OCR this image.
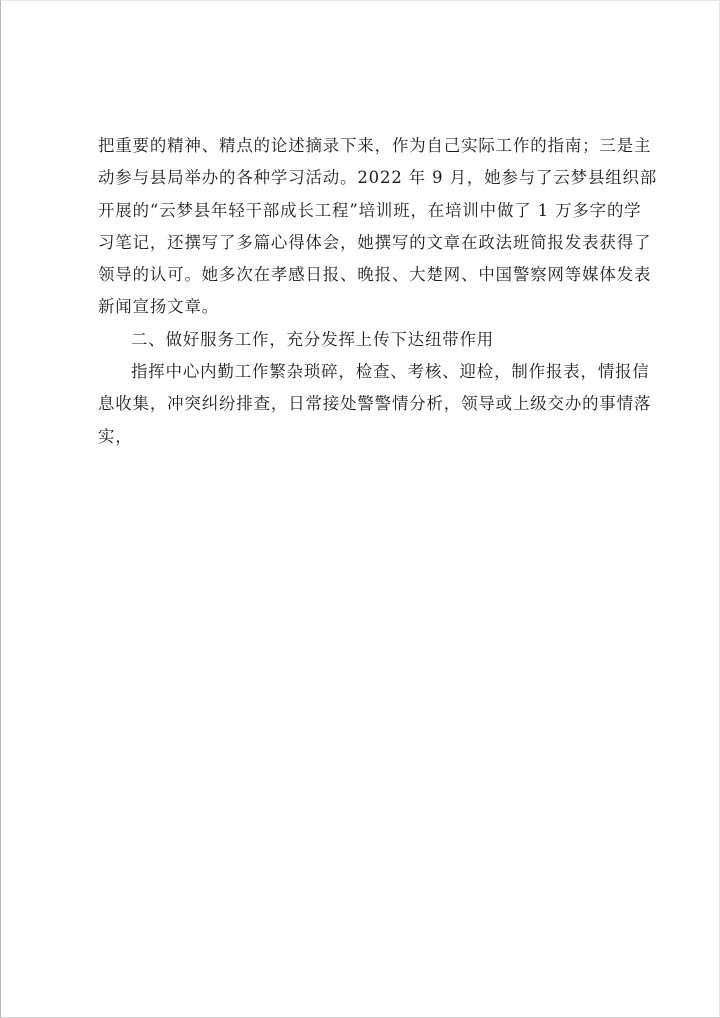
把重要的精神、精点的论述摘录下来，作为自己实际工作的指南；三是主
动参与县局举办的各种学习活动。2022 年 9 月，她参与了云梦县组织部
开展的“云梦县年轻干部成长工程”培训班，在培训中做了 1 万多字的学
习笔记，还撰写了多篇心得体会，她撰写的文章在政法班简报发表获得了
领导的认可。她多次在孝感日报、晚报、大楚网、中国警察网等媒体发表
新闻宣扬文章。
二、做好服务工作，充分发挥上传下达纽带作用
指挥中心内勤工作繁杂琐碎，检查、考核、迎检，制作报表，情报信
息收集，冲突纠纷排查，日常接处警警情分析，领导或上级交办的事情落
实，
